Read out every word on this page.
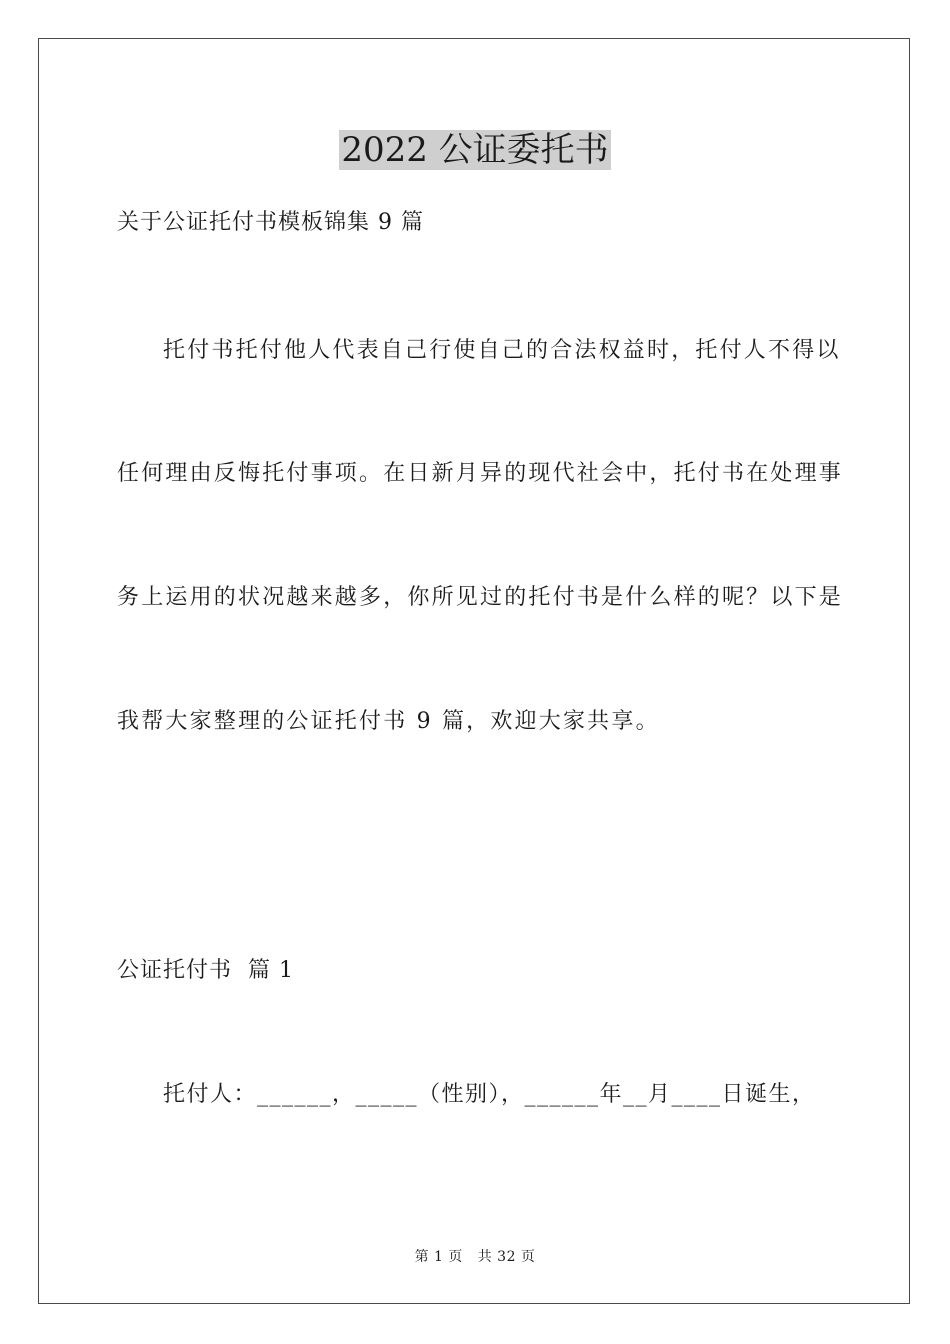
2022 公证委托书

关于公证托付书模板锦集 9 篇

托付书托付他人代表自己行使自己的合法权益时，托付人不得以

任何理由反悔托付事项。在日新月异的现代社会中，托付书在处理事

务上运用的状况越来越多，你所见过的托付书是什么样的呢？以下是

我帮大家整理的公证托付书 9 篇，欢迎大家共享。

公证托付书  篇 1

托付人：______，_____（性别），______年__月____日诞生，

第 1 页   共 32 页
